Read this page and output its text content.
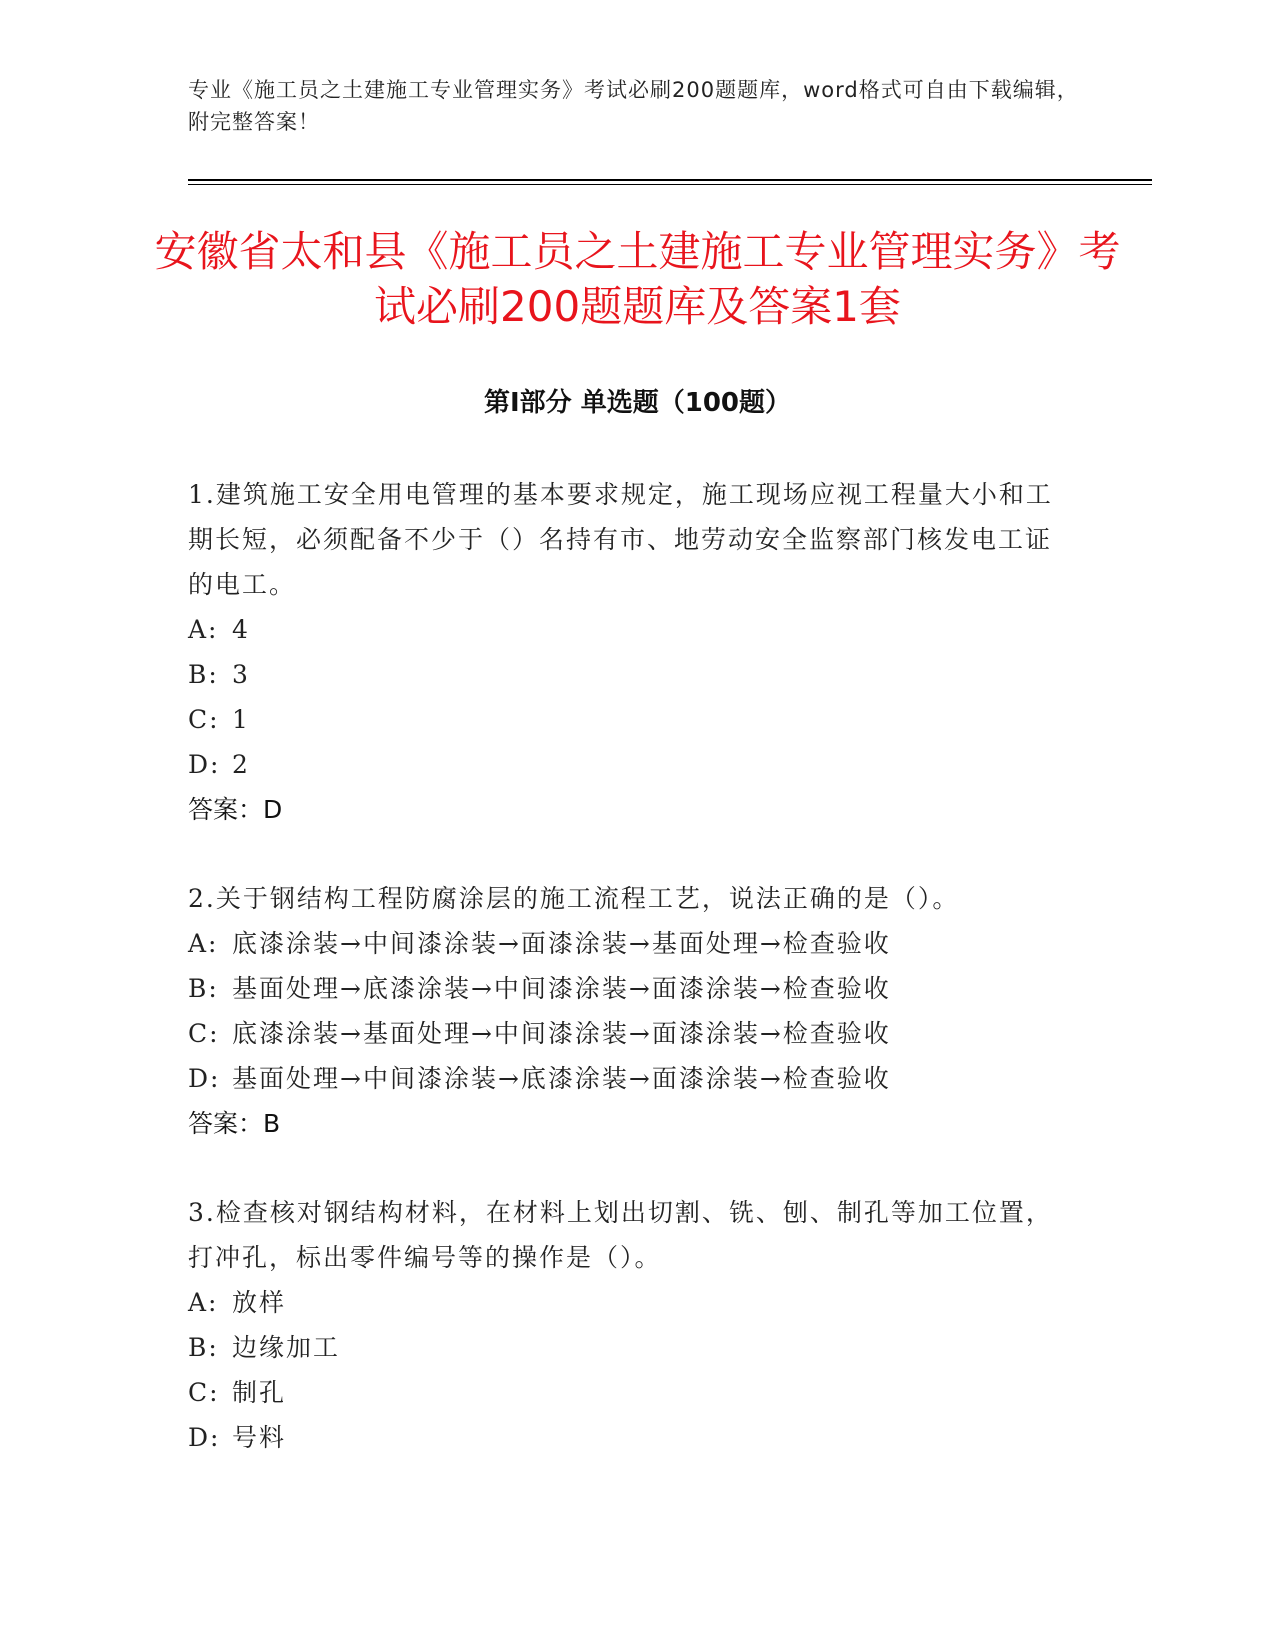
专业《施工员之土建施工专业管理实务》考试必刷200题题库，word格式可自由下载编辑，附完整答案！
安徽省太和县《施工员之土建施工专业管理实务》考试必刷200题题库及答案1套
第I部分 单选题（100题）

1.建筑施工安全用电管理的基本要求规定，施工现场应视工程量大小和工期长短，必须配备不少于（）名持有市、地劳动安全监察部门核发电工证的电工。

A: 4

B: 3

C: 1

D: 2

答案：D

2.关于钢结构工程防腐涂层的施工流程工艺，说法正确的是（）。

A: 底漆涂装→中间漆涂装→面漆涂装→基面处理→检查验收

B: 基面处理→底漆涂装→中间漆涂装→面漆涂装→检查验收

C: 底漆涂装→基面处理→中间漆涂装→面漆涂装→检查验收

D: 基面处理→中间漆涂装→底漆涂装→面漆涂装→检查验收

答案：B

3.检查核对钢结构材料，在材料上划出切割、铣、刨、制孔等加工位置，打冲孔，标出零件编号等的操作是（）。

A: 放样

B: 边缘加工

C: 制孔

D: 号料
